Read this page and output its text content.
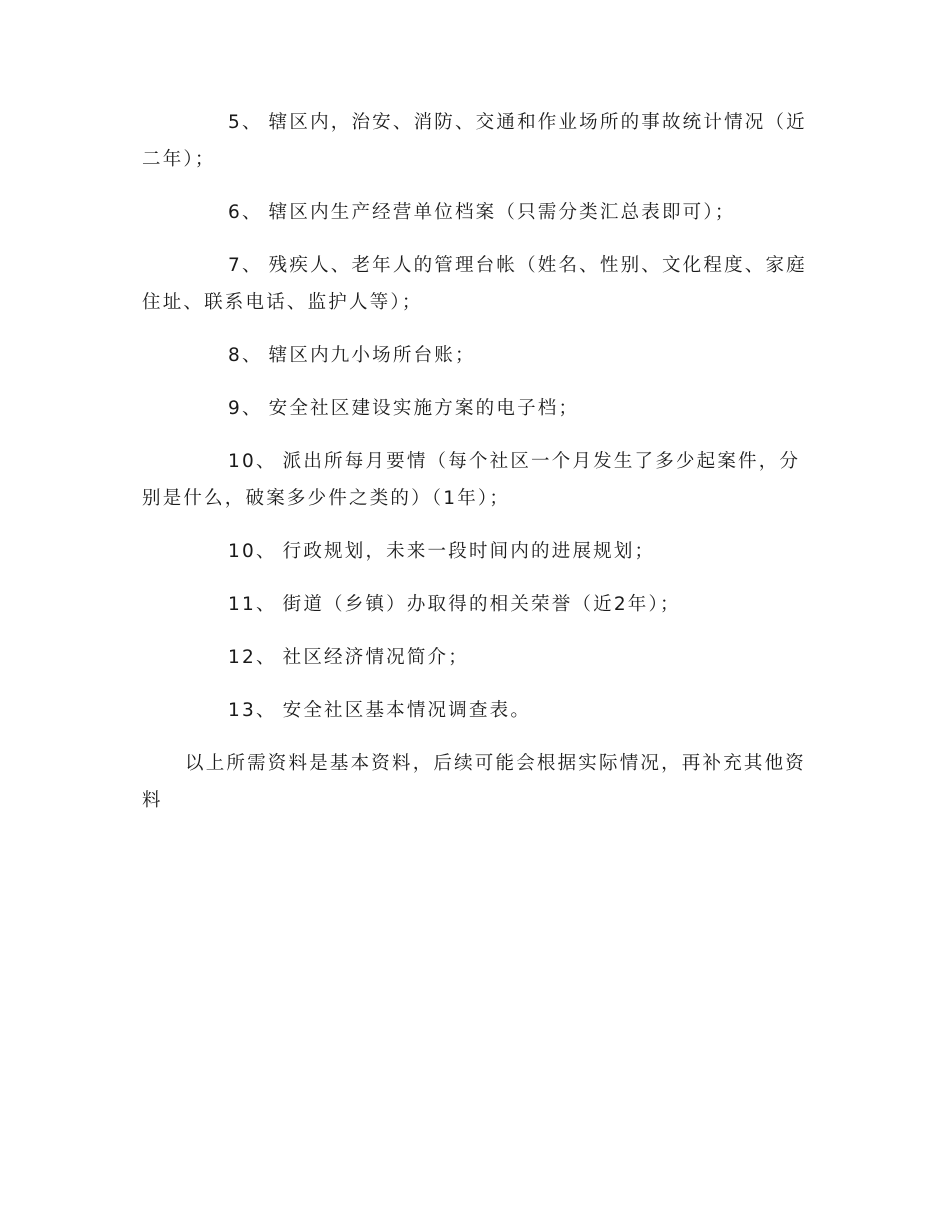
5、 辖区内，治安、消防、交通和作业场所的事故统计情况（近二年）；

6、 辖区内生产经营单位档案（只需分类汇总表即可）；

7、 残疾人、老年人的管理台帐（姓名、性别、文化程度、家庭住址、联系电话、监护人等）；

8、 辖区内九小场所台账；

9、 安全社区建设实施方案的电子档；

10、 派出所每月要情（每个社区一个月发生了多少起案件，分别是什么，破案多少件之类的）（1年）；

10、 行政规划，未来一段时间内的进展规划；

11、 街道（乡镇）办取得的相关荣誉（近2年）；

12、 社区经济情况简介；

13、 安全社区基本情况调查表。

以上所需资料是基本资料，后续可能会根据实际情况，再补充其他资料
